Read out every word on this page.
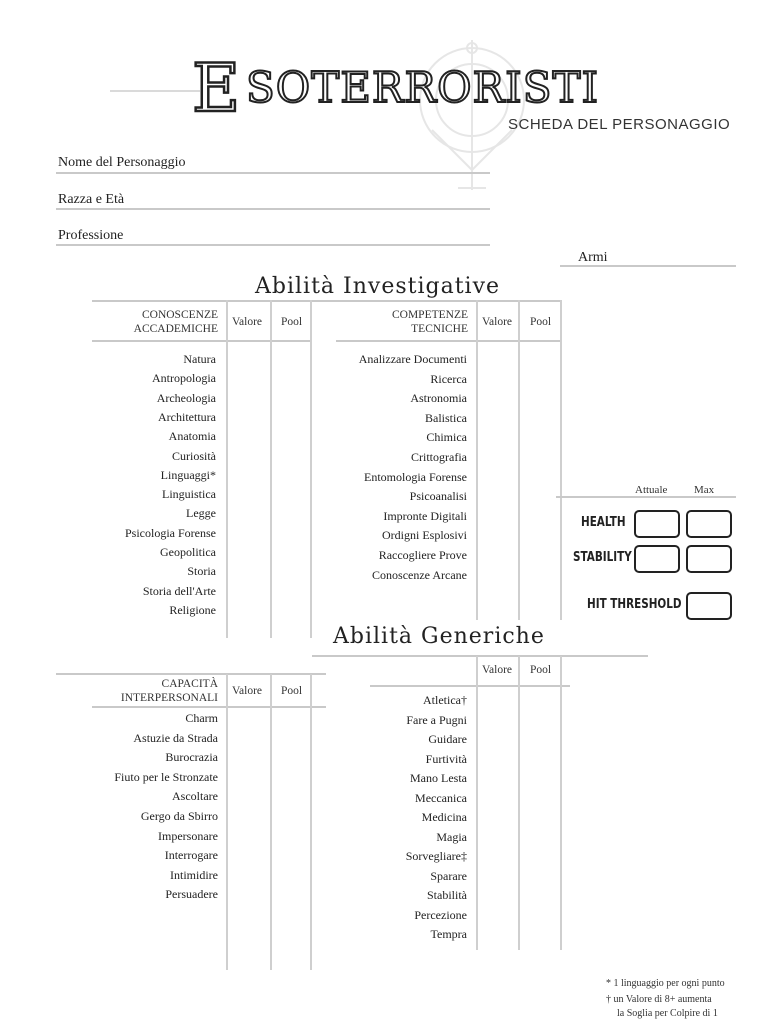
E SOTERRORISTI
SCHEDA DEL PERSONAGGIO
Nome del Personaggio
Razza e Età
Professione
Armi
Abilità Investigative
CONOSCENZE
ACCADEMICHE
Valore Pool
Natura
Antropologia
Archeologia
Architettura
Anatomia
Curiosità
Linguaggi*
Linguistica
Legge
Psicologia Forense
Geopolitica
Storia
Storia dell'Arte
Religione
COMPETENZE
TECNICHE
Valore Pool
Analizzare Documenti
Ricerca
Astronomia
Balistica
Chimica
Crittografia
Entomologia Forense
Psicoanalisi
Impronte Digitali
Ordigni Esplosivi
Raccogliere Prove
Conoscenze Arcane
Attuale Max
HEALTH
STABILITY
HIT THRESHOLD
Abilità Generiche
Valore Pool
Atletica†
Fare a Pugni
Guidare
Furtività
Mano Lesta
Meccanica
Medicina
Magia
Sorvegliare‡
Sparare
Stabilità
Percezione
Tempra
CAPACITÀ
INTERPERSONALI
Valore Pool
Charm
Astuzie da Strada
Burocrazia
Fiuto per le Stronzate
Ascoltare
Gergo da Sbirro
Impersonare
Interrogare
Intimidire
Persuadere
* 1 linguaggio per ogni punto
† un Valore di 8+ aumenta
la Soglia per Colpire di 1
